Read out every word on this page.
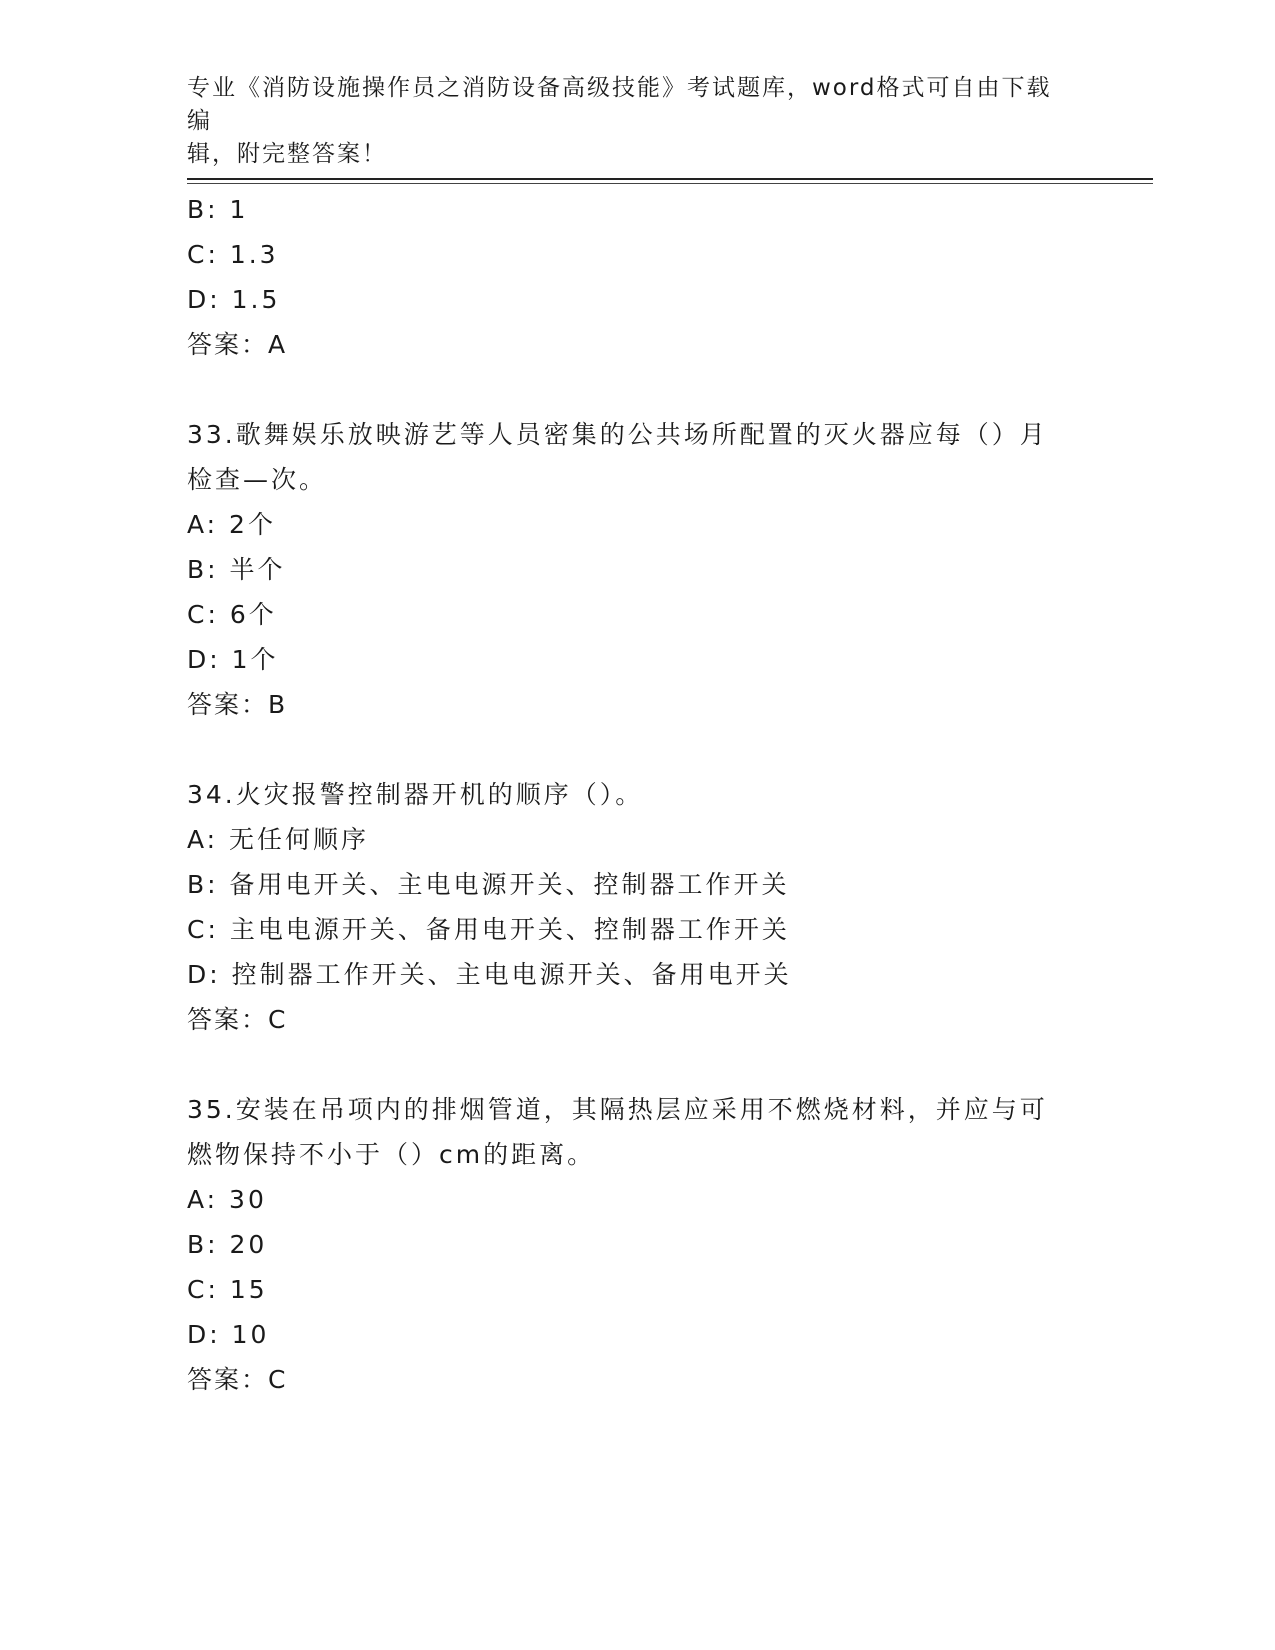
专业《消防设施操作员之消防设备高级技能》考试题库，word格式可自由下载编
辑，附完整答案！
B: 1
C: 1.3
D: 1.5
答案：A
33.歌舞娱乐放映游艺等人员密集的公共场所配置的灭火器应每（）月
检查—次。
A: 2个
B: 半个
C: 6个
D: 1个
答案：B
34.火灾报警控制器开机的顺序（）。
A: 无任何顺序
B: 备用电开关、主电电源开关、控制器工作开关
C: 主电电源开关、备用电开关、控制器工作开关
D: 控制器工作开关、主电电源开关、备用电开关
答案：C
35.安装在吊项内的排烟管道，其隔热层应采用不燃烧材料，并应与可
燃物保持不小于（）cm的距离。
A: 30
B: 20
C: 15
D: 10
答案：C
